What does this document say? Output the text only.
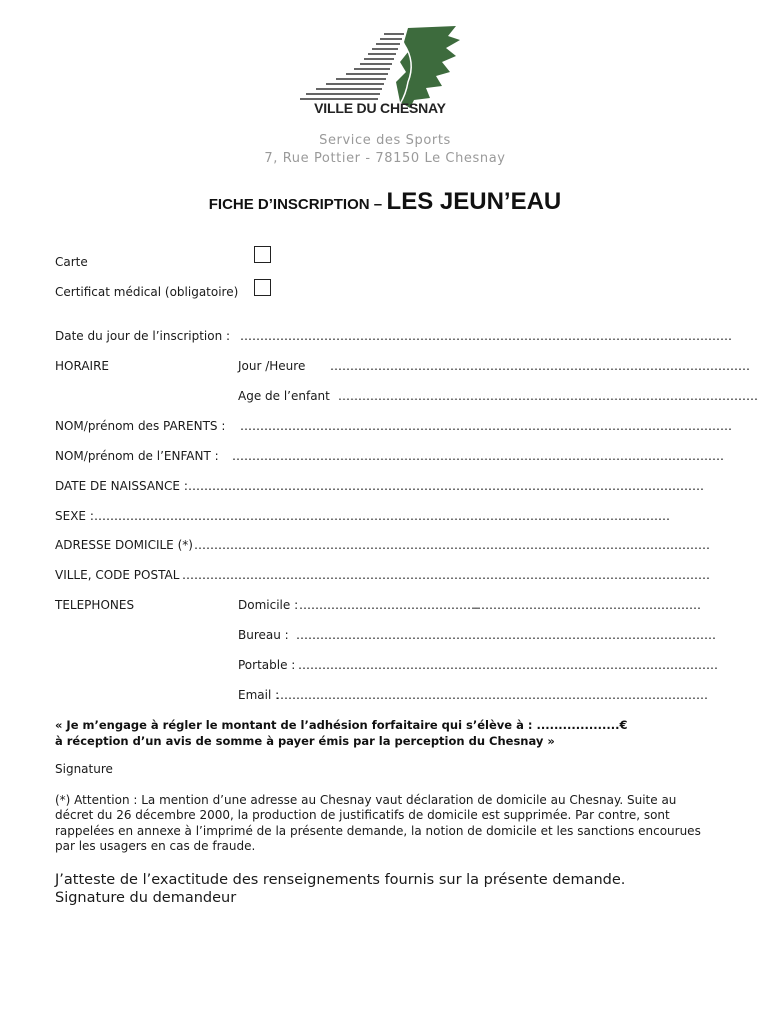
VILLE DU CHESNAY
Service des Sports
7, Rue Pottier - 78150 Le Chesnay
FICHE D’INSCRIPTION – LES JEUN’EAU
Carte
Certificat médical (obligatoire)
Date du jour de l’inscription : ……………………………………………………………………………………………………………
HORAIRE	Jour /Heure ……………………………………………………………………………………………
Age de l’enfant ……………………………………………………………………………………………
NOM/prénom des PARENTS : ……………………………………………………………………………………………………………
NOM/prénom de l’ENFANT : ……………………………………………………………………………………………………………
DATE DE NAISSANCE : …………………………………………………………………………………………………………………
SEXE : ………………………………………………………………………………………………………………………………
ADRESSE DOMICILE (*) …………………………………………………………………………………………………………………
VILLE, CODE POSTAL ……………………………………………………………………………………………………………………
TELEPHONES	Domicile : ………………………………………
…………………………………………………
Bureau : ……………………………………………………………………………………………
Portable : ……………………………………………………………………………………………
Email :
………………………………………………………………………………………………
« Je m’engage à régler le montant de l’adhésion forfaitaire qui s’élève à : ...................€
à réception d’un avis de somme à payer émis par la perception du Chesnay »
Signature
(*) Attention : La mention d’une adresse au Chesnay vaut déclaration de domicile au Chesnay. Suite au décret du 26 décembre 2000, la production de justificatifs de domicile est supprimée. Par contre, sont rappelées en annexe à l’imprimé de la présente demande, la notion de domicile et les sanctions encourues par les usagers en cas de fraude.
J’atteste de l’exactitude des renseignements fournis sur la présente demande.
Signature du demandeur
